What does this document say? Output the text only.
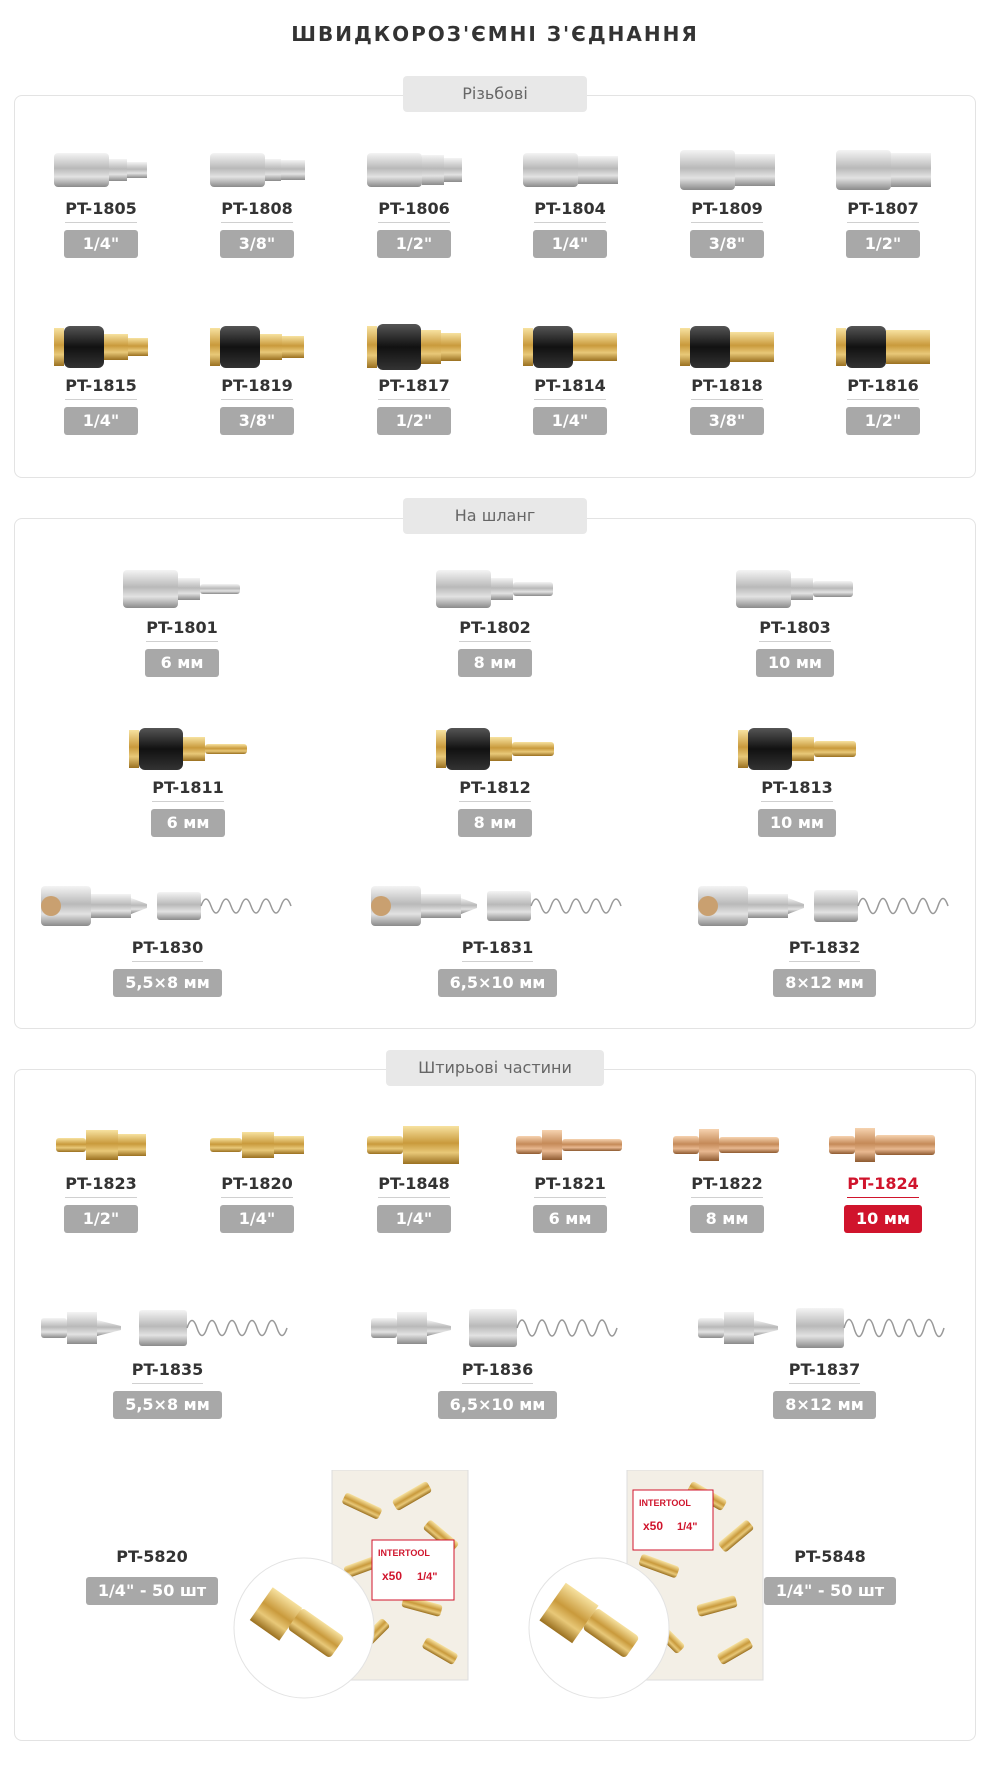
ШВИДКОРОЗ'ЄМНІ З'ЄДНАННЯ
Різьбові
PT-1805
1/4"
PT-1808
3/8"
PT-1806
1/2"
PT-1804
1/4"
PT-1809
3/8"
PT-1807
1/2"
PT-1815
1/4"
PT-1819
3/8"
PT-1817
1/2"
PT-1814
1/4"
PT-1818
3/8"
PT-1816
1/2"
На шланг
PT-1801
6 мм
PT-1802
8 мм
PT-1803
10 мм
PT-1811
6 мм
PT-1812
8 мм
PT-1813
10 мм
PT-1830
5,5×8 мм
PT-1831
6,5×10 мм
PT-1832
8×12 мм
Штирьові частини
PT-1823
1/2"
PT-1820
1/4"
PT-1848
1/4"
PT-1821
6 мм
PT-1822
8 мм
PT-1824
10 мм
PT-1835
5,5×8 мм
PT-1836
6,5×10 мм
PT-1837
8×12 мм
PT-5820
1/4" - 50 шт
INTERTOOL
x50 1/4"
INTERTOOL
x50 1/4"
PT-5848
1/4" - 50 шт
